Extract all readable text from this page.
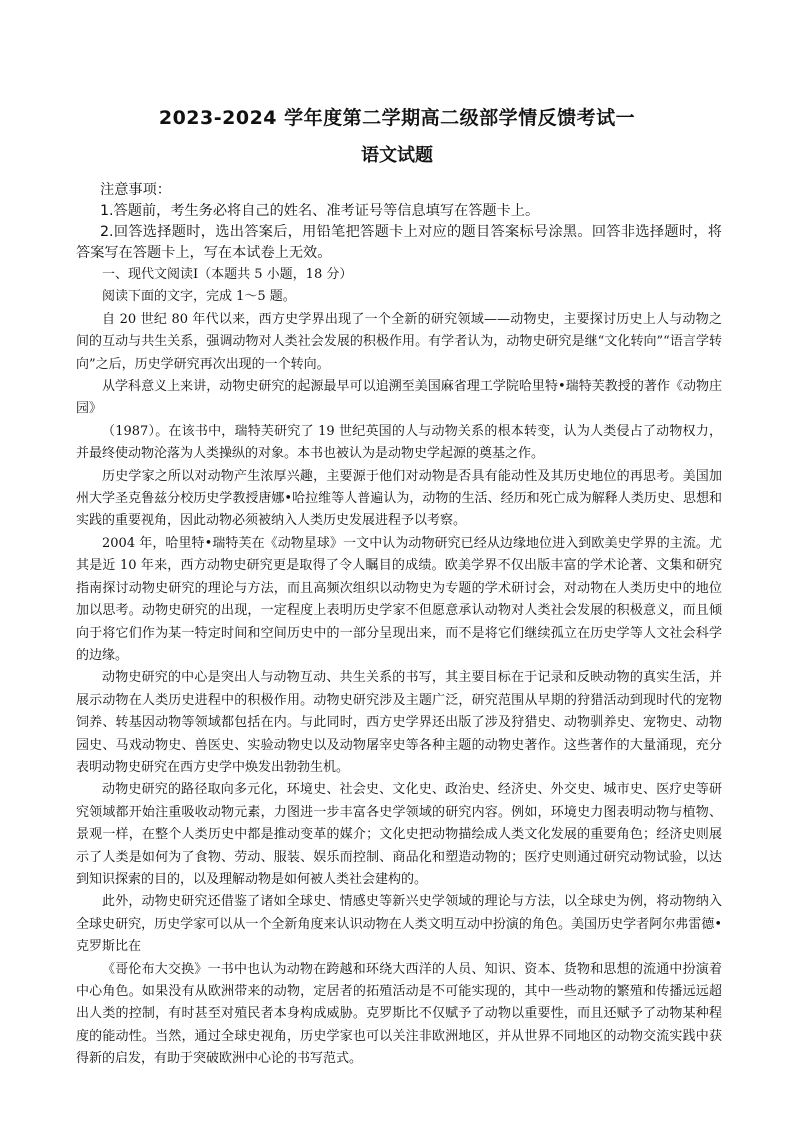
2023-2024 学年度第二学期高二级部学情反馈考试一
语文试题

注意事项：

1.答题前，考生务必将自己的姓名、准考证号等信息填写在答题卡上。

2.回答选择题时，选出答案后，用铅笔把答题卡上对应的题目答案标号涂黑。回答非选择题时，将答案写在答题卡上，写在本试卷上无效。

一、现代文阅读Ⅰ（本题共 5 小题，18 分）

阅读下面的文字，完成 1～5 题。

自 20 世纪 80 年代以来，西方史学界出现了一个全新的研究领域——动物史，主要探讨历史上人与动物之间的互动与共生关系，强调动物对人类社会发展的积极作用。有学者认为，动物史研究是继“文化转向”“语言学转向”之后，历史学研究再次出现的一个转向。

从学科意义上来讲，动物史研究的起源最早可以追溯至美国麻省理工学院哈里特•瑞特芙教授的著作《动物庄园》

（1987）。在该书中，瑞特芙研究了 19 世纪英国的人与动物关系的根本转变，认为人类侵占了动物权力，并最终使动物沦落为人类操纵的对象。本书也被认为是动物史学起源的奠基之作。

历史学家之所以对动物产生浓厚兴趣，主要源于他们对动物是否具有能动性及其历史地位的再思考。美国加州大学圣克鲁兹分校历史学教授唐娜•哈拉维等人普遍认为，动物的生活、经历和死亡成为解释人类历史、思想和实践的重要视角，因此动物必须被纳入人类历史发展进程予以考察。

2004 年，哈里特•瑞特芙在《动物星球》一文中认为动物研究已经从边缘地位进入到欧美史学界的主流。尤其是近 10 年来，西方动物史研究更是取得了令人瞩目的成绩。欧美学界不仅出版丰富的学术论著、文集和研究指南探讨动物史研究的理论与方法，而且高频次组织以动物史为专题的学术研讨会，对动物在人类历史中的地位加以思考。动物史研究的出现，一定程度上表明历史学家不但愿意承认动物对人类社会发展的积极意义，而且倾向于将它们作为某一特定时间和空间历史中的一部分呈现出来，而不是将它们继续孤立在历史学等人文社会科学的边缘。

动物史研究的中心是突出人与动物互动、共生关系的书写，其主要目标在于记录和反映动物的真实生活，并展示动物在人类历史进程中的积极作用。动物史研究涉及主题广泛，研究范围从早期的狩猎活动到现时代的宠物饲养、转基因动物等领域都包括在内。与此同时，西方史学界还出版了涉及狩猎史、动物驯养史、宠物史、动物园史、马戏动物史、兽医史、实验动物史以及动物屠宰史等各种主题的动物史著作。这些著作的大量涌现，充分表明动物史研究在西方史学中焕发出勃勃生机。

动物史研究的路径取向多元化，环境史、社会史、文化史、政治史、经济史、外交史、城市史、医疗史等研究领域都开始注重吸收动物元素，力图进一步丰富各史学领域的研究内容。例如，环境史力图表明动物与植物、景观一样，在整个人类历史中都是推动变革的媒介；文化史把动物描绘成人类文化发展的重要角色；经济史则展示了人类是如何为了食物、劳动、服装、娱乐而控制、商品化和塑造动物的；医疗史则通过研究动物试验，以达到知识探索的目的，以及理解动物是如何被人类社会建构的。

此外，动物史研究还借鉴了诸如全球史、情感史等新兴史学领域的理论与方法，以全球史为例，将动物纳入全球史研究，历史学家可以从一个全新角度来认识动物在人类文明互动中扮演的角色。美国历史学者阿尔弗雷德•克罗斯比在

《哥伦布大交换》一书中也认为动物在跨越和环绕大西洋的人员、知识、资本、货物和思想的流通中扮演着中心角色。如果没有从欧洲带来的动物，定居者的拓殖活动是不可能实现的，其中一些动物的繁殖和传播远远超出人类的控制，有时甚至对殖民者本身构成威胁。克罗斯比不仅赋予了动物以重要性，而且还赋予了动物某种程度的能动性。当然，通过全球史视角，历史学家也可以关注非欧洲地区，并从世界不同地区的动物交流实践中获得新的启发，有助于突破欧洲中心论的书写范式。
